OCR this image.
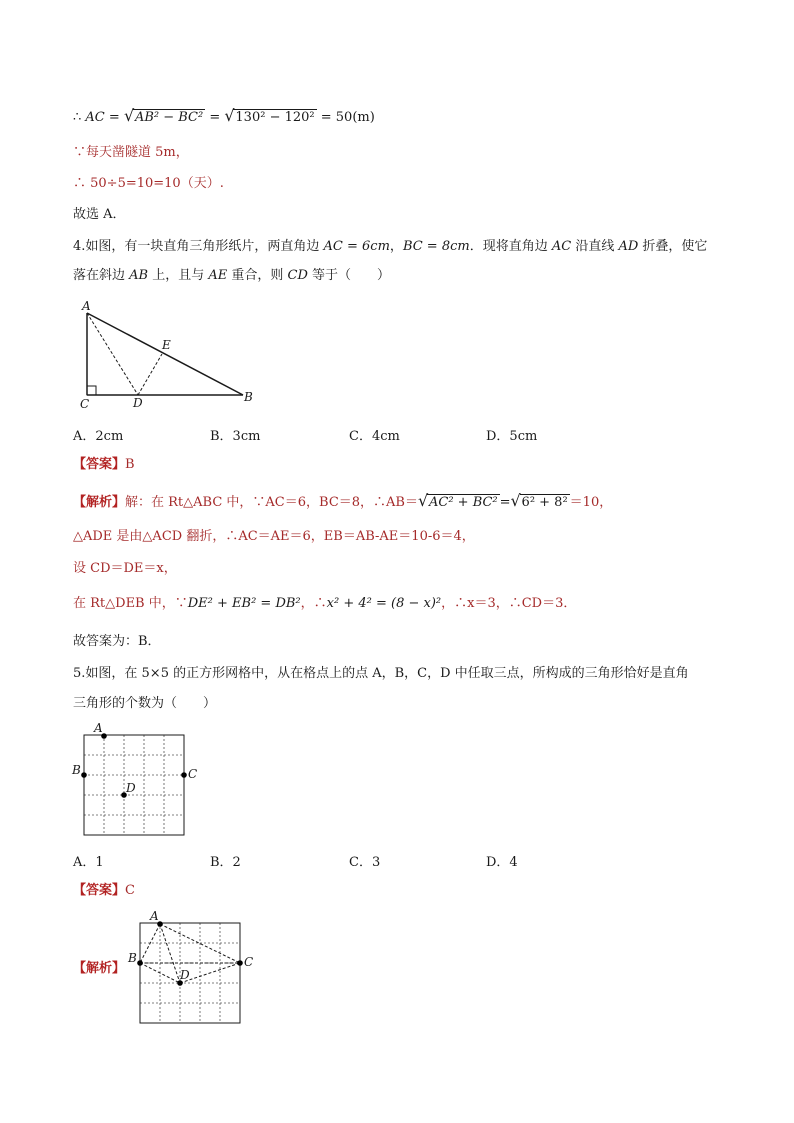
∴ AC = √ AB² − BC² = √ 130² − 120² = 50(m)
∵每天凿隧道 5m，
∴ 50÷5=10=10（天）.
故选 A．
4.如图，有一块直角三角形纸片，两直角边 AC = 6cm，BC = 8cm．现将直角边 AC 沿直线 AD 折叠，使它
落在斜边 AB 上，且与 AE 重合，则 CD 等于（　　）
A
E
C	D	B
A．2cm	B．3cm	C．4cm	D．5cm
【答案】B
【解析】解：在 Rt△ABC 中，∵AC＝6，BC＝8，∴AB＝ √ AC² + BC² = √ 6² + 8² ＝10，
△ADE 是由△ACD 翻折，∴AC＝AE＝6，EB＝AB-AE＝10-6＝4，
设 CD＝DE＝x，
在 Rt△DEB 中，∵DE² + EB² = DB²，∴x² + 4² = (8 − x)²，∴x＝3，∴CD＝3．
故答案为：B．
5.如图，在 5×5 的正方形网格中，从在格点上的点 A，B，C，D 中任取三点，所构成的三角形恰好是直角
三角形的个数为（　　）
A
B	C
D
A．1	B．2	C．3	D．4
【答案】C
【解析】
A
B	C
D
